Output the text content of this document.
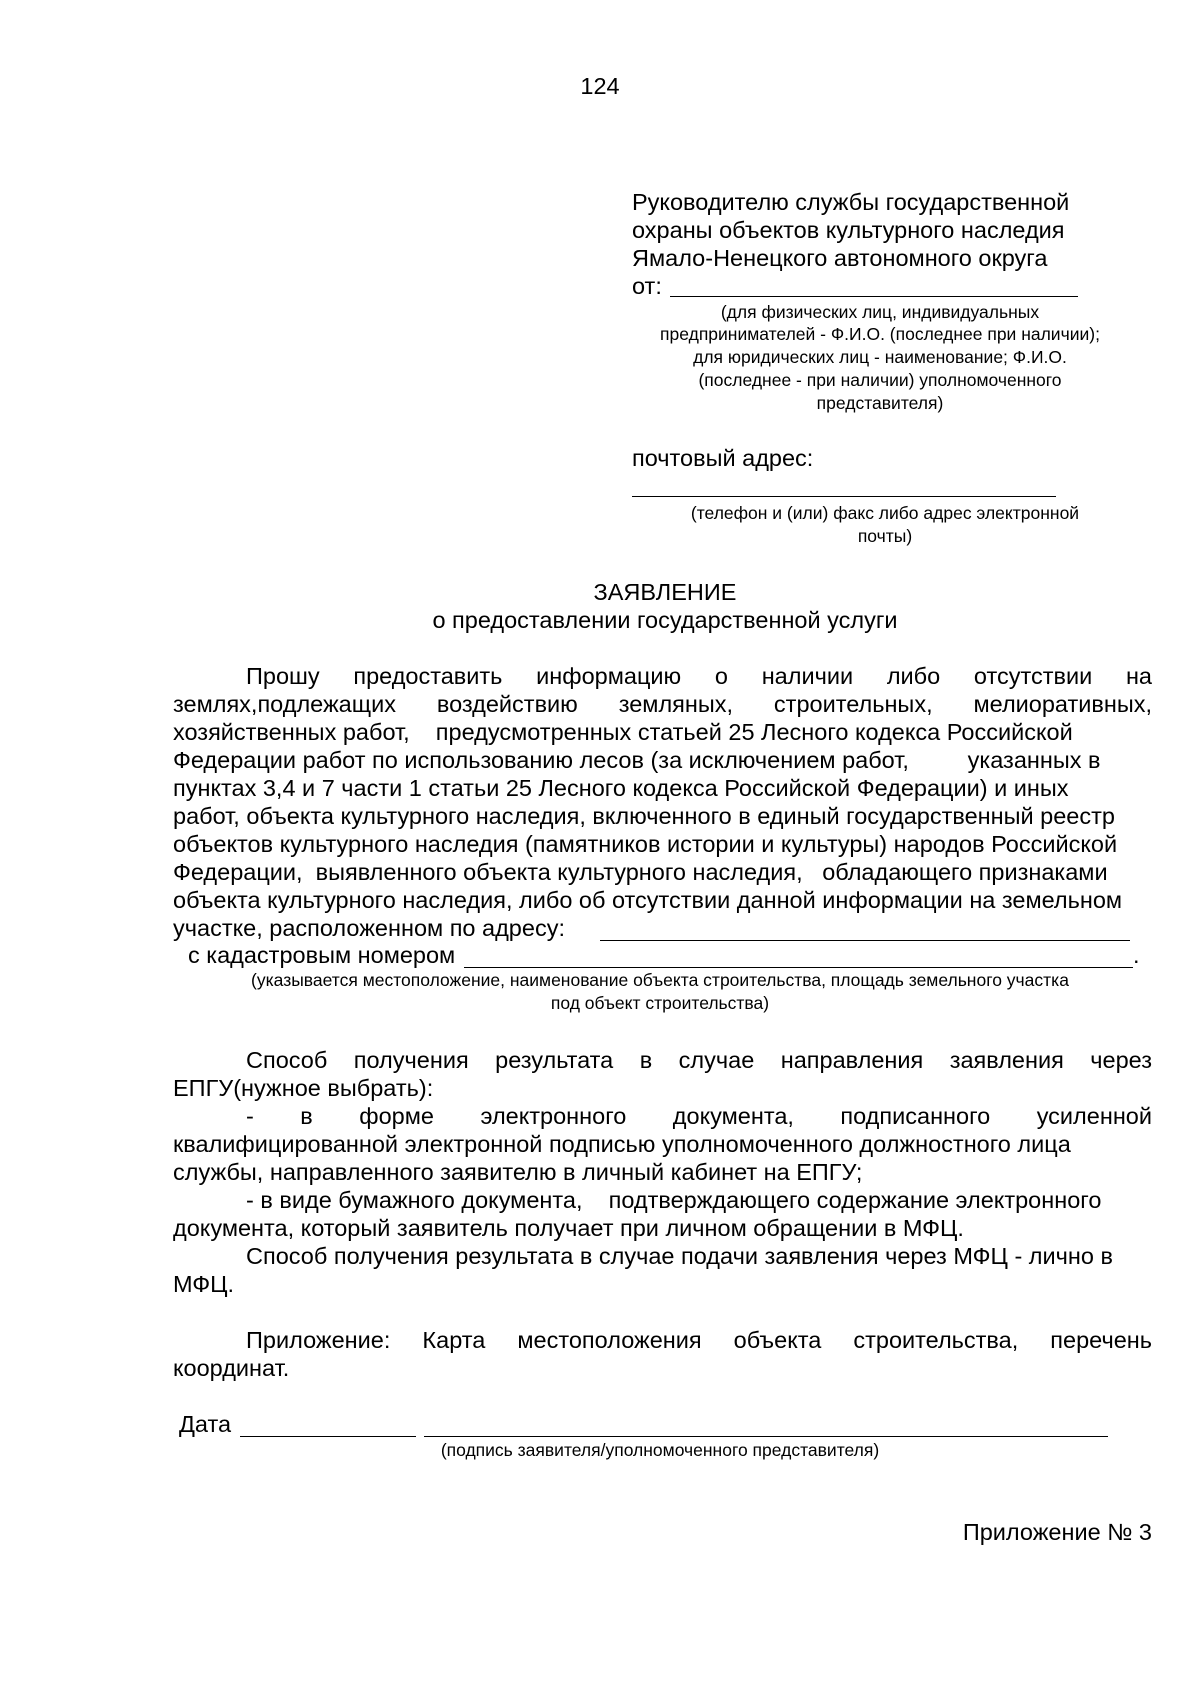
124
Руководителю службы государственной
охраны объектов культурного наследия
Ямало-Ненецкого автономного округа
от:
(для физических лиц, индивидуальных
предпринимателей - Ф.И.О. (последнее при наличии);
для юридических лиц - наименование; Ф.И.О.
(последнее - при наличии) уполномоченного
представителя)
почтовый адрес:
(телефон и (или) факс либо адрес электронной
почты)
ЗАЯВЛЕНИЕ
о предоставлении государственной услуги
Прошу предоставить информацию о наличии либо отсутствии на
землях,подлежащих воздействию земляных, строительных, мелиоративных,
хозяйственных работ,    предусмотренных статьей 25 Лесного кодекса Российской
Федерации работ по использованию лесов (за исключением работ,         указанных в
пунктах 3,4 и 7 части 1 статьи 25 Лесного кодекса Российской Федерации) и иных
работ, объекта культурного наследия, включенного в единый государственный реестр
объектов культурного наследия (памятников истории и культуры) народов Российской
Федерации,  выявленного объекта культурного наследия,   обладающего признаками
объекта культурного наследия, либо об отсутствии данной информации на земельном
участке, расположенном по адресу:
с кадастровым номером	.
(указывается местоположение, наименование объекта строительства, площадь земельного участка
под объект строительства)
Способ получения результата в случае направления заявления через
ЕПГУ(нужное выбрать):
- в форме электронного документа, подписанного усиленной
квалифицированной электронной подписью уполномоченного должностного лица
службы, направленного заявителю в личный кабинет на ЕПГУ;
- в виде бумажного документа,    подтверждающего содержание электронного
документа, который заявитель получает при личном обращении в МФЦ.
Способ получения результата в случае подачи заявления через МФЦ - лично в
МФЦ.
Приложение: Карта местоположения объекта строительства, перечень
координат.
Дата
(подпись заявителя/уполномоченного представителя)
Приложение № 3
